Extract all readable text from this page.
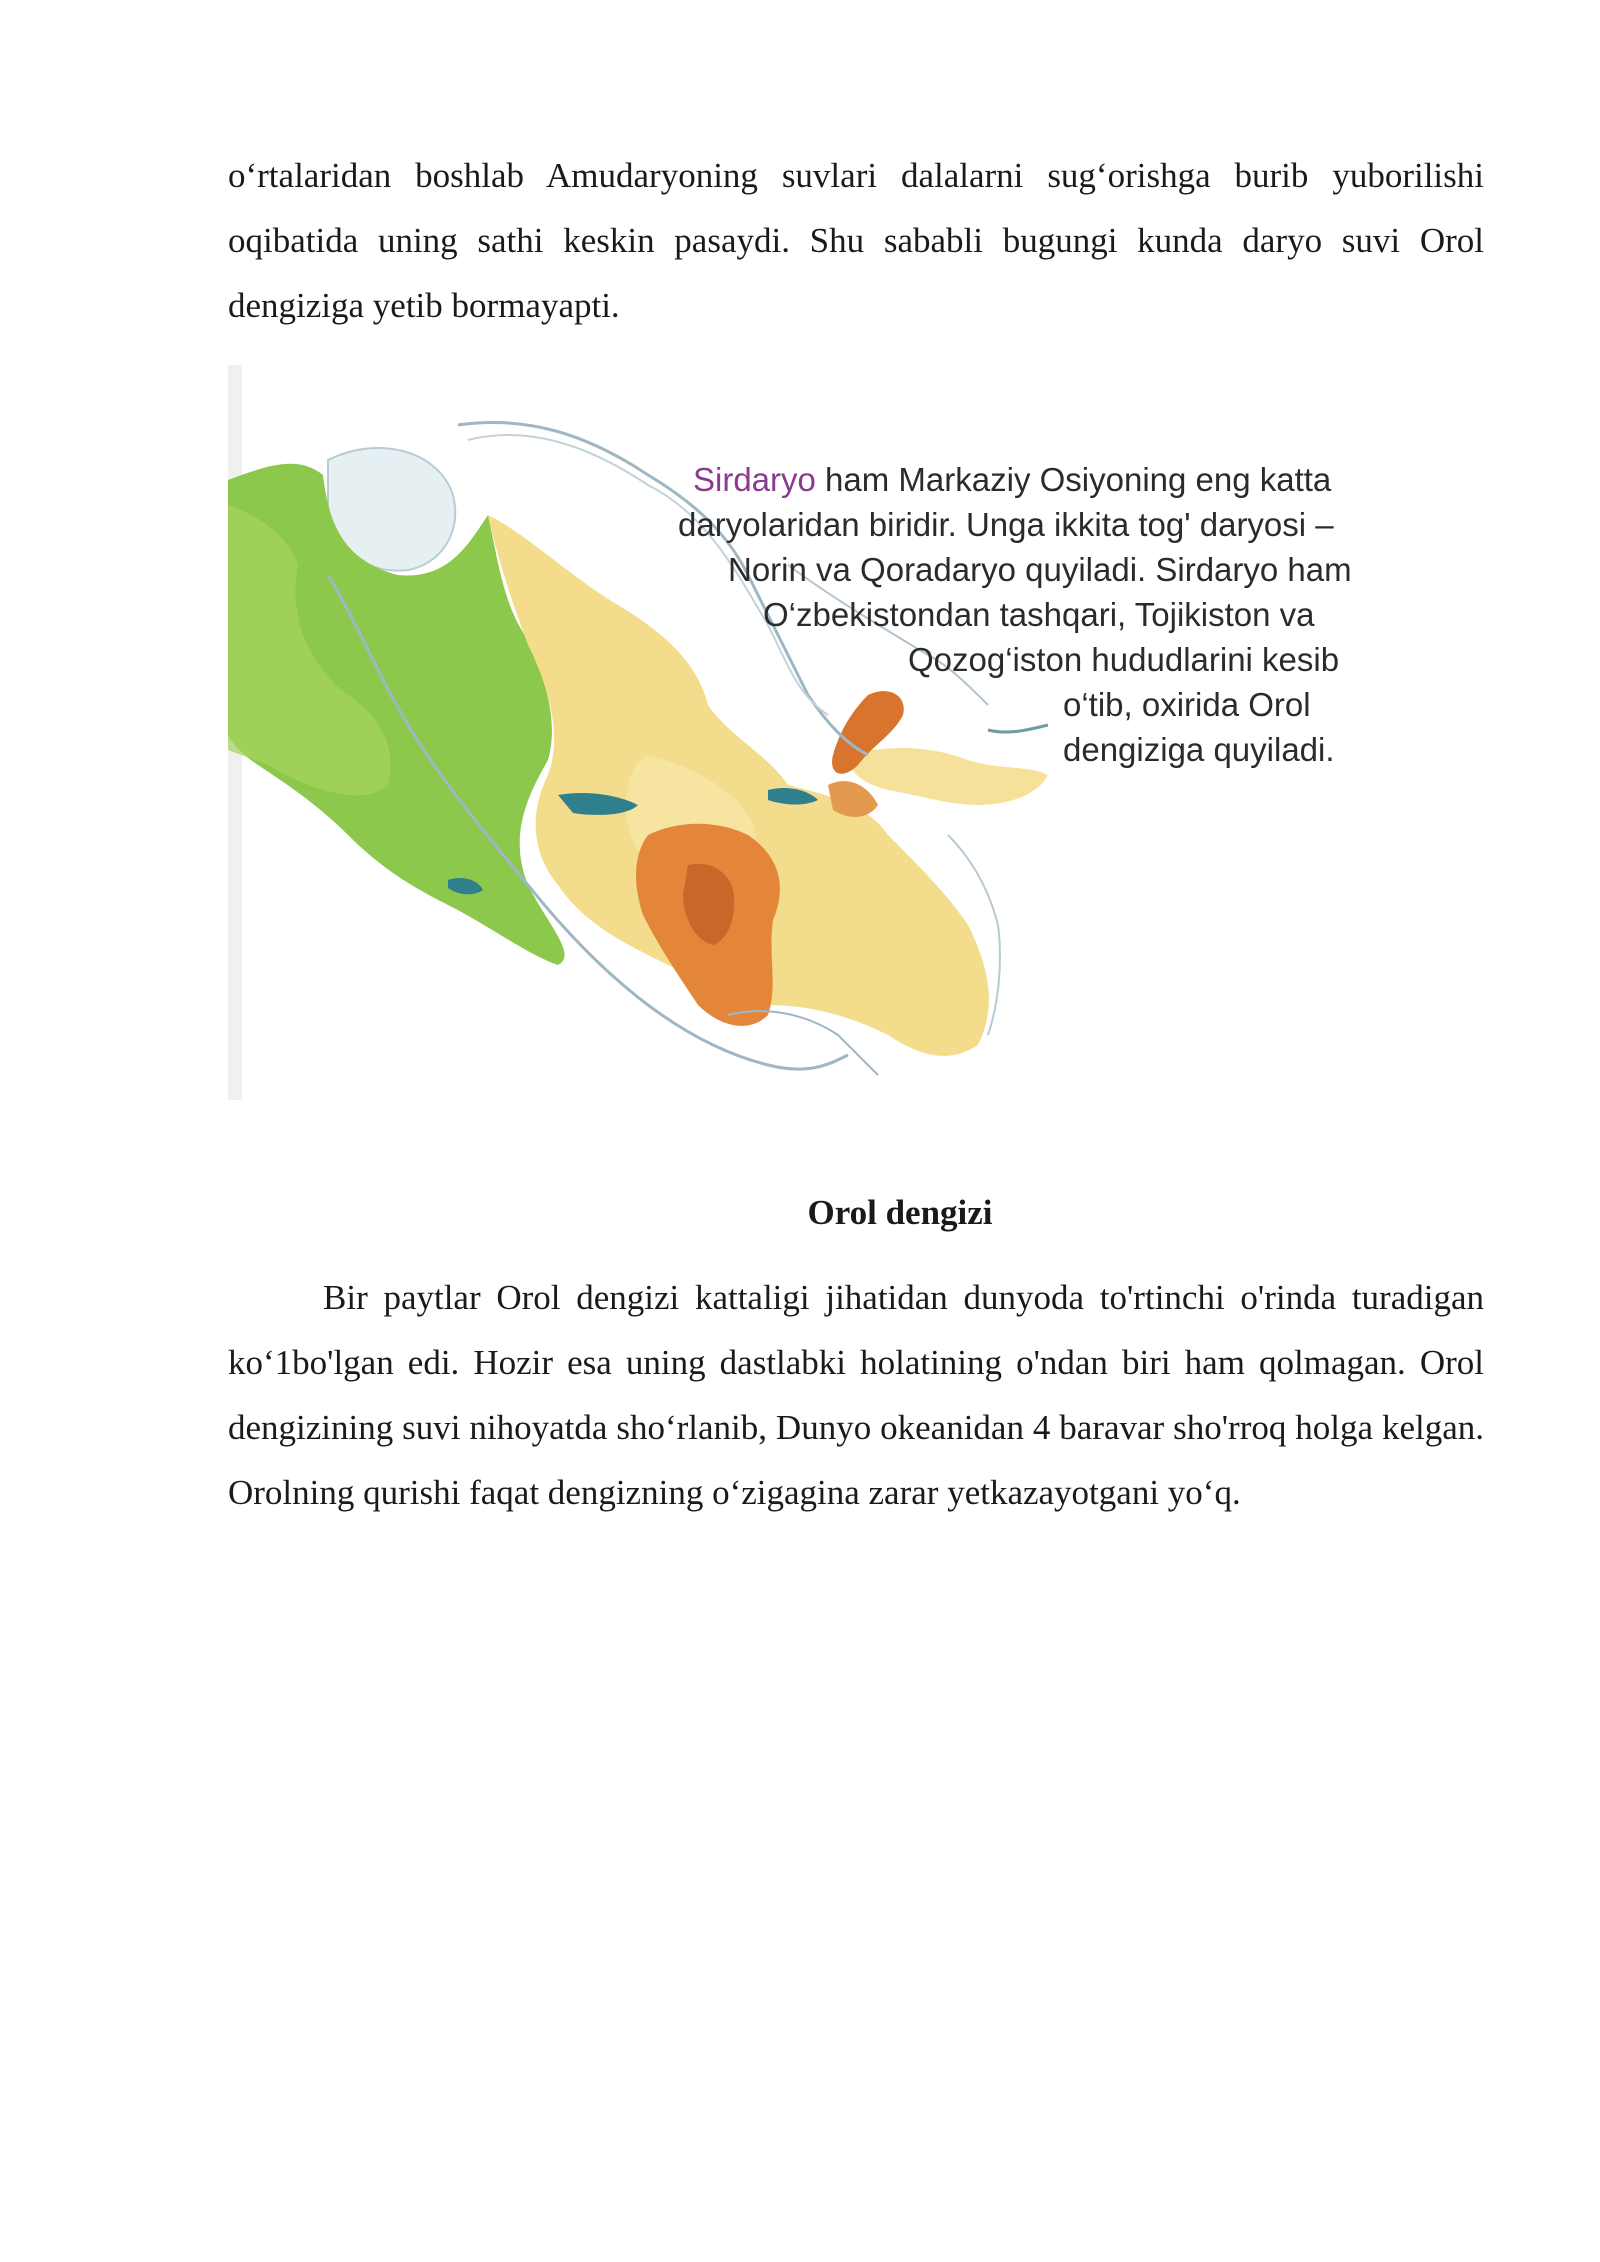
o‘rtalaridan boshlab Amudaryoning suvlari dalalarni sug‘orishga burib yuborilishi oqibatida uning sathi keskin pasaydi. Shu sababli bugungi kunda daryo suvi Orol dengiziga yetib bormayapti.

Sirdaryo ham Markaziy Osiyoning eng katta
daryolaridan biridir. Unga ikkita tog' daryosi –
Norin va Qoradaryo quyiladi. Sirdaryo ham
O‘zbekistondan tashqari, Tojikiston va
Qozog‘iston hududlarini kesib
o‘tib, oxirida Orol
dengiziga quyiladi.
Orol dengizi

Bir paytlar Orol dengizi kattaligi jihatidan dunyoda to'rtinchi o'rinda turadigan ko‘1bo'lgan edi. Hozir esa uning dastlabki holatining o'ndan biri ham qolmagan. Orol dengizining suvi nihoyatda sho‘rlanib, Dunyo okeanidan 4 baravar sho'rroq holga kelgan. Orolning qurishi faqat dengizning o‘zigagina zarar yetkazayotgani yo‘q.
